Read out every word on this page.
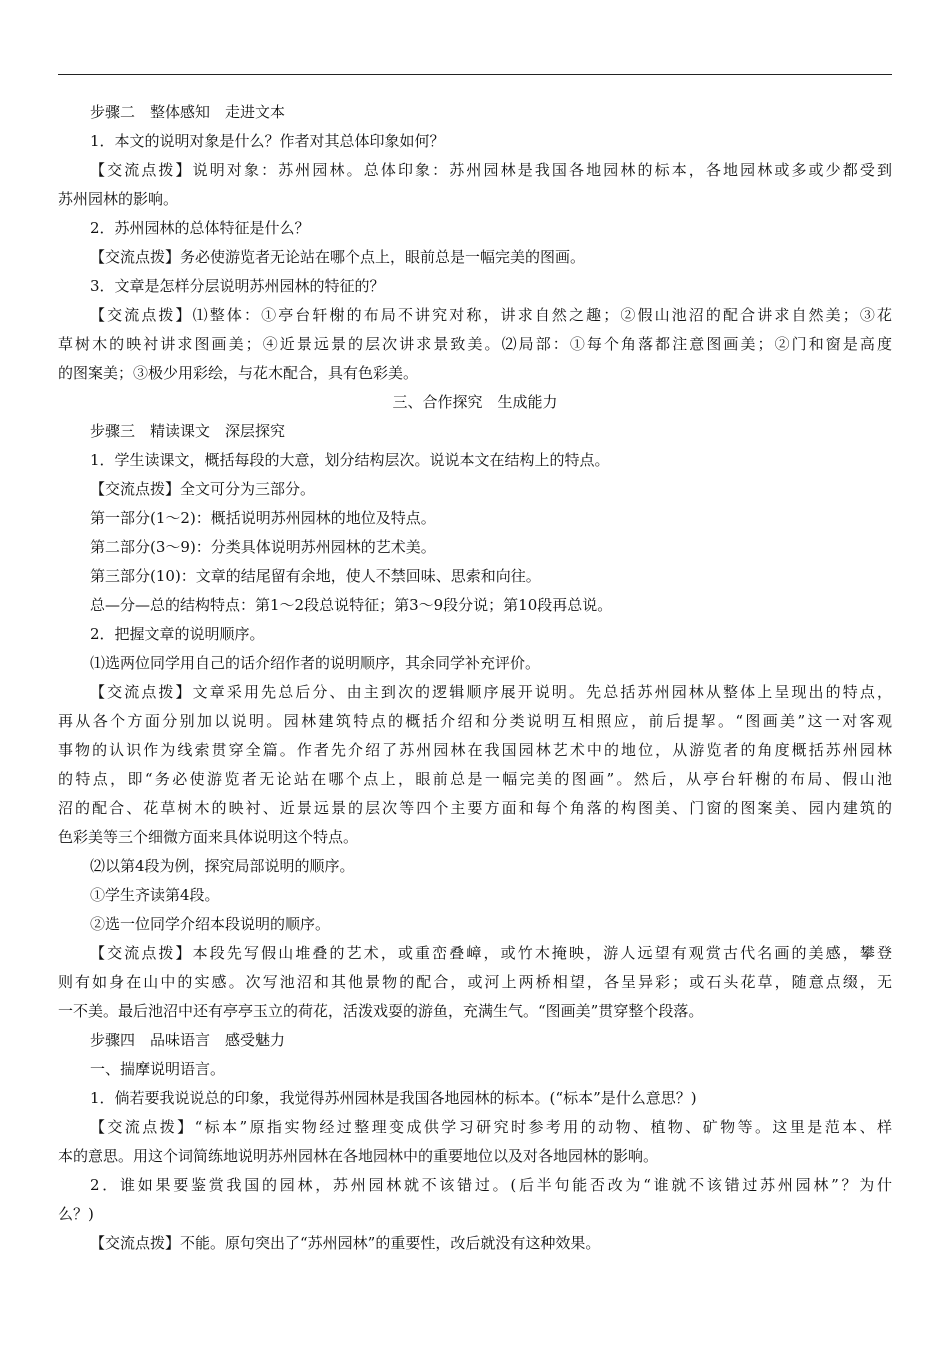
步骤二　整体感知　走进文本

1．本文的说明对象是什么？作者对其总体印象如何？

【交流点拨】说明对象：苏州园林。总体印象：苏州园林是我国各地园林的标本，各地园林或多或少都受到

苏州园林的影响。

2．苏州园林的总体特征是什么？

【交流点拨】务必使游览者无论站在哪个点上，眼前总是一幅完美的图画。

3．文章是怎样分层说明苏州园林的特征的？

【交流点拨】⑴整体：①亭台轩榭的布局不讲究对称，讲求自然之趣；②假山池沼的配合讲求自然美；③花

草树木的映衬讲求图画美；④近景远景的层次讲求景致美。⑵局部：①每个角落都注意图画美；②门和窗是高度

的图案美；③极少用彩绘，与花木配合，具有色彩美。

三、合作探究　生成能力

步骤三　精读课文　深层探究

1．学生读课文，概括每段的大意，划分结构层次。说说本文在结构上的特点。

【交流点拨】全文可分为三部分。

第一部分(1～2)：概括说明苏州园林的地位及特点。

第二部分(3～9)：分类具体说明苏州园林的艺术美。

第三部分(10)：文章的结尾留有余地，使人不禁回味、思索和向往。

总—分—总的结构特点：第1～2段总说特征；第3～9段分说；第10段再总说。

2．把握文章的说明顺序。

⑴选两位同学用自己的话介绍作者的说明顺序，其余同学补充评价。

【交流点拨】文章采用先总后分、由主到次的逻辑顺序展开说明。先总括苏州园林从整体上呈现出的特点，

再从各个方面分别加以说明。园林建筑特点的概括介绍和分类说明互相照应，前后提挈。“图画美”这一对客观

事物的认识作为线索贯穿全篇。作者先介绍了苏州园林在我国园林艺术中的地位，从游览者的角度概括苏州园林

的特点，即“务必使游览者无论站在哪个点上，眼前总是一幅完美的图画”。然后，从亭台轩榭的布局、假山池

沼的配合、花草树木的映衬、近景远景的层次等四个主要方面和每个角落的构图美、门窗的图案美、园内建筑的

色彩美等三个细微方面来具体说明这个特点。

⑵以第4段为例，探究局部说明的顺序。

①学生齐读第4段。

②选一位同学介绍本段说明的顺序。

【交流点拨】本段先写假山堆叠的艺术，或重峦叠嶂，或竹木掩映，游人远望有观赏古代名画的美感，攀登

则有如身在山中的实感。次写池沼和其他景物的配合，或河上两桥相望，各呈异彩；或石头花草，随意点缀，无

一不美。最后池沼中还有亭亭玉立的荷花，活泼戏耍的游鱼，充满生气。“图画美”贯穿整个段落。

步骤四　品味语言　感受魅力

一、揣摩说明语言。

1．倘若要我说说总的印象，我觉得苏州园林是我国各地园林的标本。(“标本”是什么意思？)

【交流点拨】“标本”原指实物经过整理变成供学习研究时参考用的动物、植物、矿物等。这里是范本、样

本的意思。用这个词简练地说明苏州园林在各地园林中的重要地位以及对各地园林的影响。

2．谁如果要鉴赏我国的园林，苏州园林就不该错过。(后半句能否改为“谁就不该错过苏州园林”？为什

么？)

【交流点拨】不能。原句突出了“苏州园林”的重要性，改后就没有这种效果。
